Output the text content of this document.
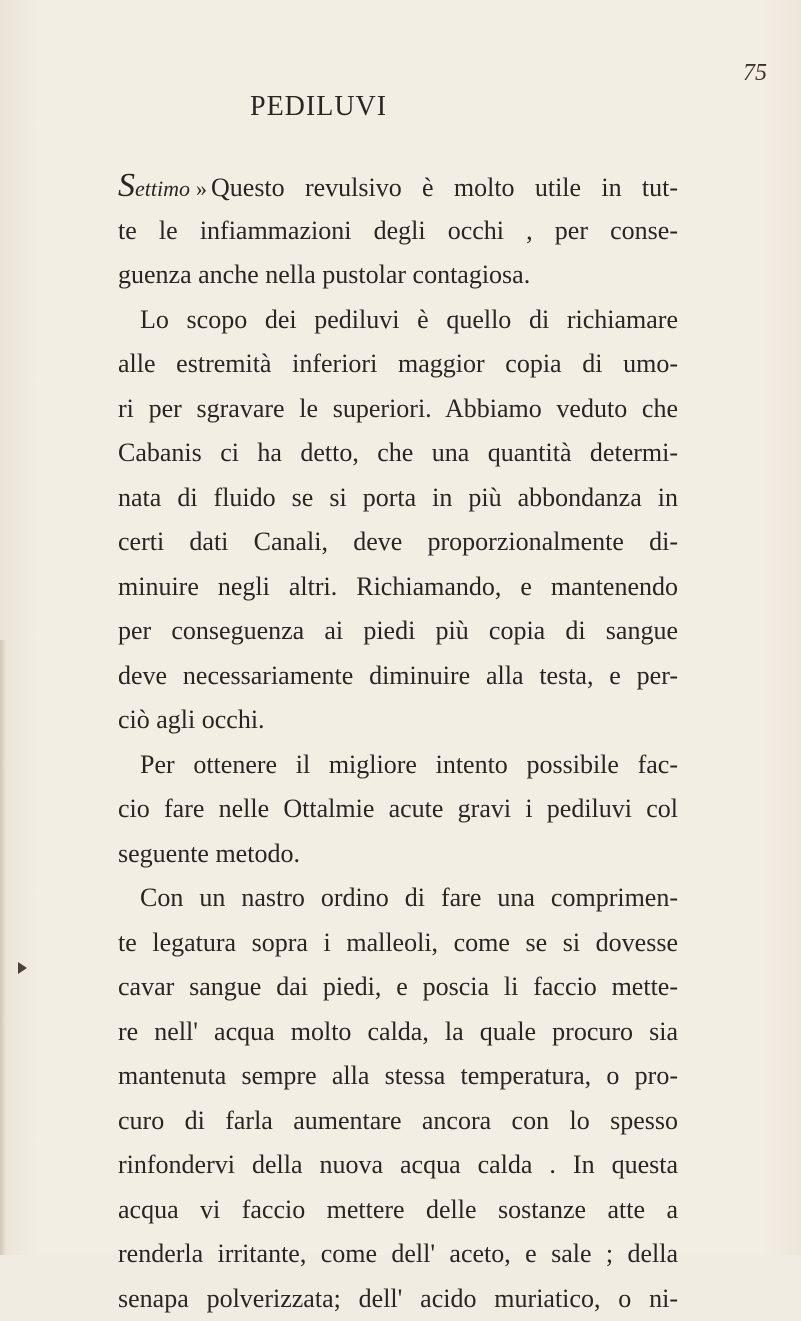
75
PEDILUVI
Settimo » Questo revulsivo è molto utile in tut-
te le infiammazioni degli occhi , per conse-
guenza anche nella pustolar contagiosa.
Lo scopo dei pediluvi è quello di richiamare
alle estremità inferiori maggior copia di umo-
ri per sgravare le superiori. Abbiamo veduto che
Cabanis ci ha detto, che una quantità determi-
nata di fluido se si porta in più abbondanza in
certi dati Canali, deve proporzionalmente di-
minuire negli altri. Richiamando, e mantenendo
per conseguenza ai piedi più copia di sangue
deve necessariamente diminuire alla testa, e per-
ciò agli occhi.
Per ottenere il migliore intento possibile fac-
cio fare nelle Ottalmie acute gravi i pediluvi col
seguente metodo.
Con un nastro ordino di fare una comprimen-
te legatura sopra i malleoli, come se si dovesse
cavar sangue dai piedi, e poscia li faccio mette-
re nell' acqua molto calda, la quale procuro sia
mantenuta sempre alla stessa temperatura, o pro-
curo di farla aumentare ancora con lo spesso
rinfondervi della nuova acqua calda . In questa
acqua vi faccio mettere delle sostanze atte a
renderla irritante, come dell' aceto, e sale ; della
senapa polverizzata; dell' acido muriatico, o ni-
